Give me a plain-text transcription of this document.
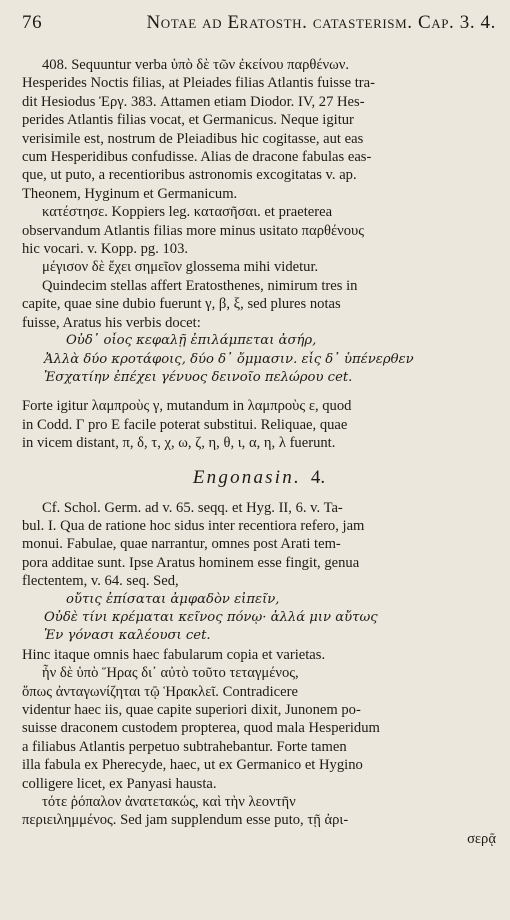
76	Notae ad Eratosth. catasterism. Cap. 3. 4.
408. Sequuntur verba ὑπὸ δὲ τῶν ἐκείνου παρθένων.
Hesperides Noctis filias, at Pleiades filias Atlantis fuisse tra-
dit Hesiodus Ἐργ. 383. Attamen etiam Diodor. IV, 27 Hes-
perides Atlantis filias vocat, et Germanicus. Neque igitur
verisimile est, nostrum de Pleiadibus hic cogitasse, aut eas
cum Hesperidibus confudisse. Alias de dracone fabulas eas-
que, ut puto, a recentioribus astronomis excogitatas v. ap.
Theonem, Hyginum et Germanicum.
κατέστησε. Koppiers leg. κατασῆσαι. et praeterea
observandum Atlantis filias more minus usitato παρθένους
hic vocari. v. Kopp. pg. 103.
μέγισον δὲ ἔχει σημεῖον glossema mihi videtur.
Quindecim stellas affert Eratosthenes, nimirum tres in
capite, quae sine dubio fuerunt γ, β, ξ, sed plures notas
fuisse, Aratus his verbis docet:
Οὐδ᾽ οἷος κεφαλῇ ἐπιλάμπεται ἀσήρ,
Ἀλλὰ δύο κροτάφοις, δύο δ᾽ ὄμμασιν. εἷς δ᾽ ὑπένερθεν
Ἐσχατίην ἐπέχει γένυος δεινοῖο πελώρου cet.
Forte igitur λαμπροὺς γ, mutandum in λαμπροὺς ε, quod
in Codd. Γ pro Ε facile poterat substitui. Reliquae, quae
in vicem distant, π, δ, τ, χ, ω, ζ, η, θ, ι, α, η, λ fuerunt.
Engonasin. 4.
Cf. Schol. Germ. ad v. 65. seqq. et Hyg. II, 6. v. Ta-
bul. I. Qua de ratione hoc sidus inter recentiora refero, jam
monui. Fabulae, quae narrantur, omnes post Arati tem-
pora additae sunt. Ipse Aratus hominem esse fingit, genua
flectentem, v. 64. seq. Sed,
οὔτις ἐπίσαται ἀμφαδὸν εἰπεῖν,
Οὐδὲ τίνι κρέμαται κεῖνος πόνῳ· ἀλλά μιν αὔτως
Ἐν γόνασι καλέουσι cet.
Hinc itaque omnis haec fabularum copia et varietas.
ἦν δὲ ὑπὸ Ἥρας δι᾽ αὐτὸ τοῦτο τεταγμένος,
ὅπως ἀνταγωνίζηται τῷ Ἡρακλεῖ. Contradicere
videntur haec iis, quae capite superiori dixit, Junonem po-
suisse draconem custodem propterea, quod mala Hesperidum
a filiabus Atlantis perpetuo subtrahebantur. Forte tamen
illa fabula ex Pherecyde, haec, ut ex Germanico et Hygino
colligere licet, ex Panyasi hausta.
τότε ῥόπαλον ἀνατετακώς, καὶ τὴν λεοντῆν
περιειλημμένος. Sed jam supplendum esse puto, τῇ ἀρι-
σερᾷ
